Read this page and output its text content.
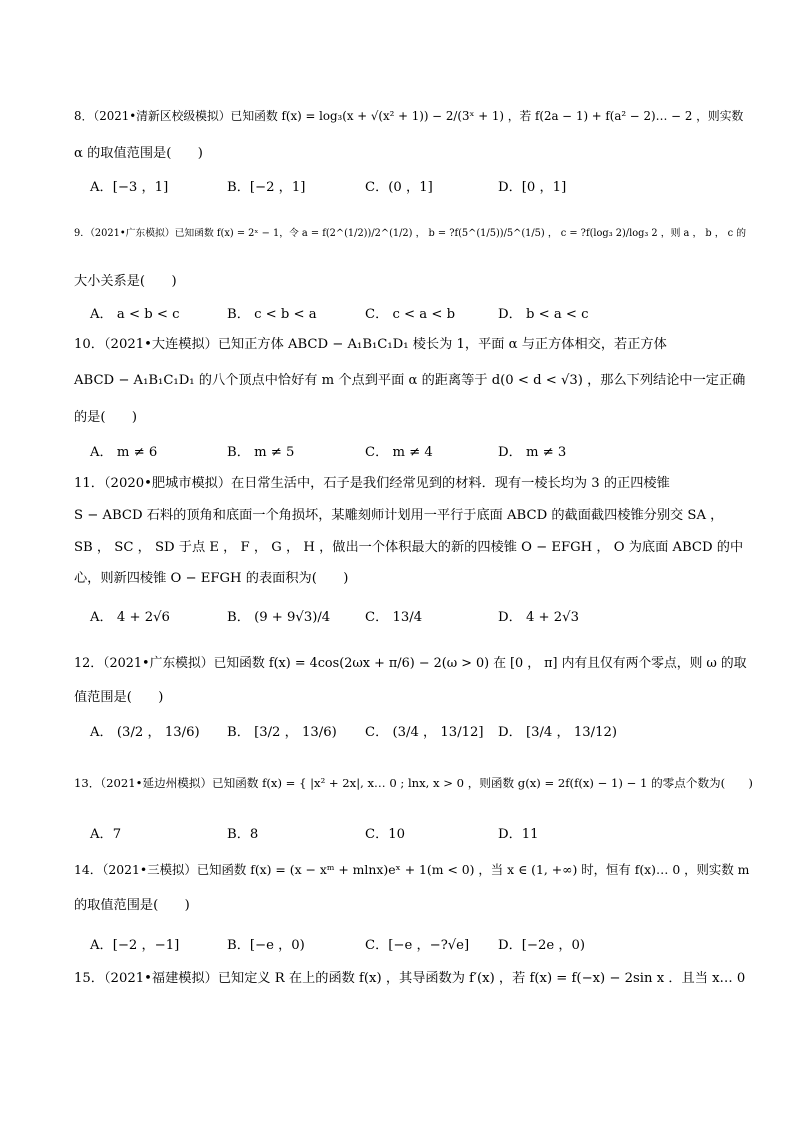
8．（2021•清新区校级模拟）已知函数 f(x) = log₃(x + √(x² + 1)) − 2/(3ˣ + 1) ，若 f(2a − 1) + f(a² − 2)… − 2 ，则实数
α 的取值范围是(　　)
A．[−3 ，1]	B．[−2 ，1]	C．(0 ，1]	D．[0 ，1]
9．（2021•广东模拟）已知函数 f(x) = 2ˣ − 1，令 a = f(2^(1/2))/2^(1/2) ， b = ?f(5^(1/5))/5^(1/5) ， c = ?f(log₃ 2)/log₃ 2 ，则 a ， b ， c 的
大小关系是(　　)
A． a < b < c	B． c < b < a	C． c < a < b	D． b < a < c
10．（2021•大连模拟）已知正方体 ABCD − A₁B₁C₁D₁ 棱长为 1，平面 α 与正方体相交，若正方体
ABCD − A₁B₁C₁D₁ 的八个顶点中恰好有 m 个点到平面 α 的距离等于 d(0 < d < √3) ，那么下列结论中一定正确
的是(　　)
A． m ≠ 6	B． m ≠ 5	C． m ≠ 4	D． m ≠ 3
11．（2020•肥城市模拟）在日常生活中，石子是我们经常见到的材料．现有一棱长均为 3 的正四棱锥
S − ABCD 石料的顶角和底面一个角损坏，某雕刻师计划用一平行于底面 ABCD 的截面截四棱锥分别交 SA ，
SB ， SC ， SD 于点 E ， F ， G ， H ，做出一个体积最大的新的四棱锥 O − EFGH ， O 为底面 ABCD 的中
心，则新四棱锥 O − EFGH 的表面积为(　　)
A． 4 + 2√6	B． (9 + 9√3)/4	C． 13/4	D． 4 + 2√3
12．（2021•广东模拟）已知函数 f(x) = 4cos(2ωx + π/6) − 2(ω > 0) 在 [0 ， π] 内有且仅有两个零点，则 ω 的取
值范围是(　　)
A． (3/2 ， 13/6) B． [3/2 ， 13/6) C． (3/4 ， 13/12] D． [3/4 ， 13/12)
13．（2021•延边州模拟）已知函数 f(x) = { |x² + 2x|, x… 0 ; lnx, x > 0 ，则函数 g(x) = 2f(f(x) − 1) − 1 的零点个数为(　　)
A．7	B．8	C．10	D．11
14．（2021•三模拟）已知函数 f(x) = (x − xᵐ + mlnx)eˣ + 1(m < 0) ，当 x ∈ (1, +∞) 时，恒有 f(x)… 0 ，则实数 m
的取值范围是(　　)
A．[−2 ，−1]	B．[−e ，0)	C．[−e ，−?√e] D．[−2e ，0)
15．（2021•福建模拟）已知定义 R 在上的函数 f(x) ，其导函数为 f′(x) ，若 f(x) = f(−x) − 2sin x ．且当 x… 0
